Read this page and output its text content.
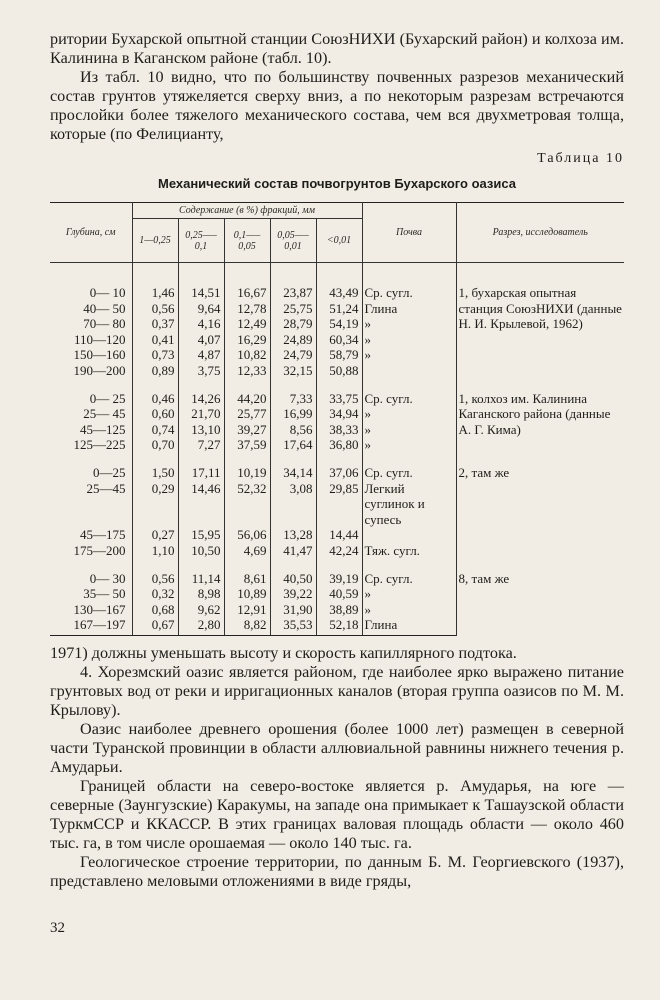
ритории Бухарской опытной станции СоюзНИХИ (Бухарский район) и колхоза им. Калинина в Каганском районе (табл. 10).

Из табл. 10 видно, что по большинству почвенных разрезов механический состав грунтов утяжеляется сверху вниз, а по некоторым разрезам встречаются прослойки более тяжелого механического состава, чем вся двухметровая толща, которые (по Фелицианту,

Таблица 10
Механический состав почвогрунтов Бухарского оазиса
Глубина, см	Содержание (в %) фракций, мм					Почва	Разрез, исследователь
	1—0,25	0,25—–0,1	0,1—–0,05	0,05—–0,01	<0,01		
0— 10	1,46	14,51	16,67	23,87	43,49	Ср. сугл.	1, бухарская опытная станция СоюзНИХИ (данные Н. И. Крылевой, 1962)
40— 50	0,56	9,64	12,78	25,75	51,24	Глина	
70— 80	0,37	4,16	12,49	28,79	54,19	»	
110—120	0,41	4,07	16,29	24,89	60,34	»	
150—160	0,73	4,87	10,82	24,79	58,79	»	
190—200	0,89	3,75	12,33	32,15	50,88		
0— 25	0,46	14,26	44,20	7,33	33,75	Ср. сугл.	1, колхоз им. Калинина Каганского района (данные А. Г. Кима)
25— 45	0,60	21,70	25,77	16,99	34,94	»	
45—125	0,74	13,10	39,27	8,56	38,33	»	
125—225	0,70	7,27	37,59	17,64	36,80	»	
0—25	1,50	17,11	10,19	34,14	37,06	Ср. сугл.	2, там же
25—45	0,29	14,46	52,32	3,08	29,85	Легкий суглинок и супесь	
45—175	0,27	15,95	56,06	13,28	14,44		
175—200	1,10	10,50	4,69	41,47	42,24	Тяж. сугл.	
0— 30	0,56	11,14	8,61	40,50	39,19	Ср. сугл.	8, там же
35— 50	0,32	8,98	10,89	39,22	40,59	»	
130—167	0,68	9,62	12,91	31,90	38,89	»	
167—197	0,67	2,80	8,82	35,53	52,18	Глина	

1971) должны уменьшать высоту и скорость капиллярного подтока.

4. Хорезмский оазис является районом, где наиболее ярко выражено питание грунтовых вод от реки и ирригационных каналов (вторая группа оазисов по М. М. Крылову).

Оазис наиболее древнего орошения (более 1000 лет) размещен в северной части Туранской провинции в области аллювиальной равнины нижнего течения р. Амударьи.

Границей области на северо-востоке является р. Амударья, на юге — северные (Заунгузские) Каракумы, на западе она примыкает к Ташаузской области ТуркмССР и ККАССР. В этих границах валовая площадь области — около 460 тыс. га, в том числе орошаемая — около 140 тыс. га.

Геологическое строение территории, по данным Б. М. Георгиевского (1937), представлено меловыми отложениями в виде гряды,

32
